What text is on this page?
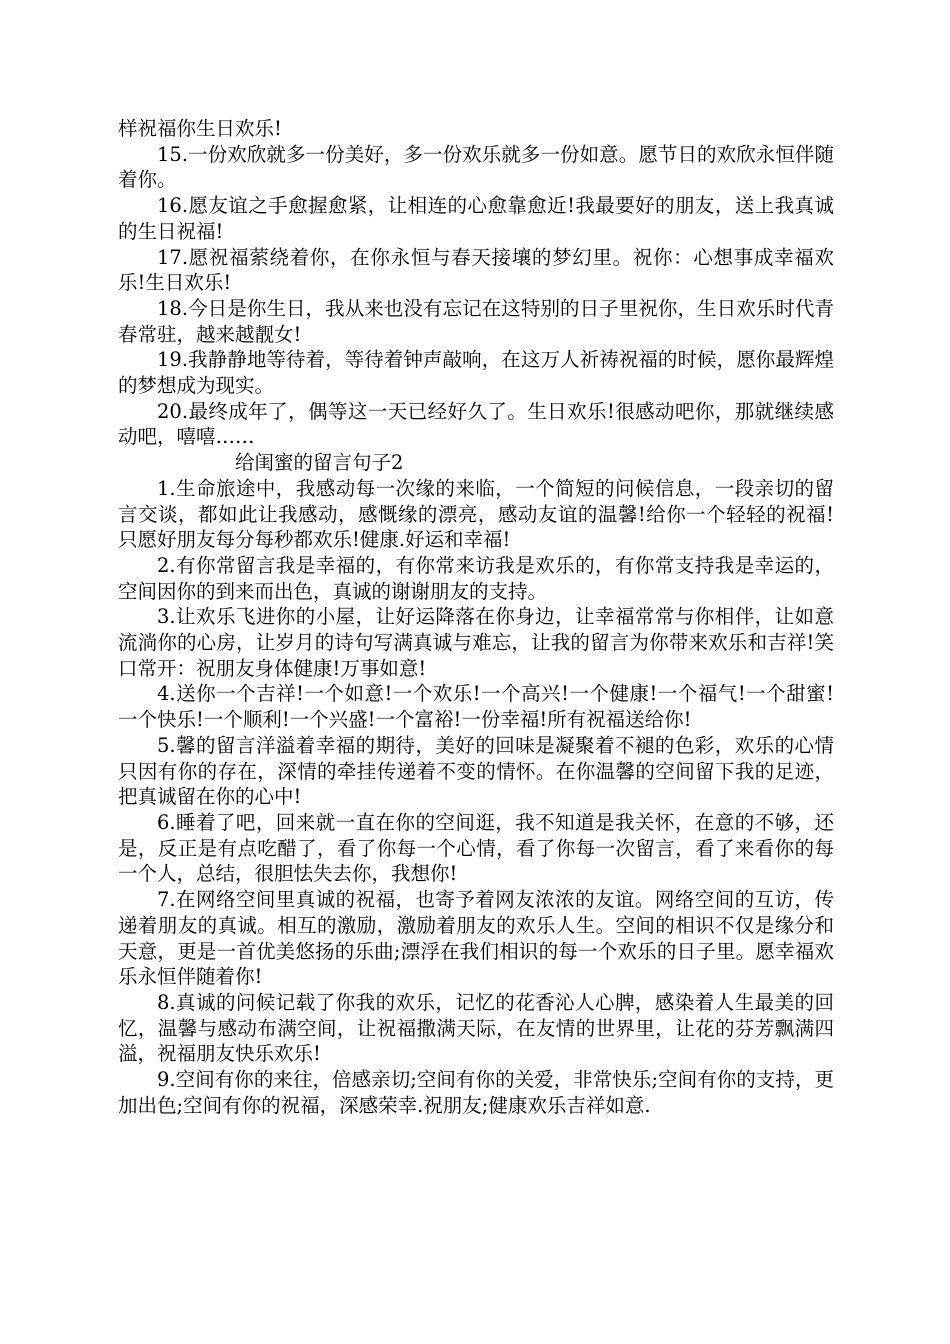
样祝福你生日欢乐!

15.一份欢欣就多一份美好，多一份欢乐就多一份如意。愿节日的欢欣永恒伴随着你。

16.愿友谊之手愈握愈紧，让相连的心愈靠愈近!我最要好的朋友，送上我真诚的生日祝福!

17.愿祝福萦绕着你，在你永恒与春天接壤的梦幻里。祝你：心想事成幸福欢乐!生日欢乐!

18.今日是你生日，我从来也没有忘记在这特别的日子里祝你，生日欢乐时代青春常驻，越来越靓女!

19.我静静地等待着，等待着钟声敲响，在这万人祈祷祝福的时候，愿你最辉煌的梦想成为现实。

20.最终成年了，偶等这一天已经好久了。生日欢乐!很感动吧你，那就继续感动吧，嘻嘻……

给闺蜜的留言句子2

1.生命旅途中，我感动每一次缘的来临，一个简短的问候信息，一段亲切的留言交谈，都如此让我感动，感慨缘的漂亮，感动友谊的温馨!给你一个轻轻的祝福!只愿好朋友每分每秒都欢乐!健康.好运和幸福!

2.有你常留言我是幸福的，有你常来访我是欢乐的，有你常支持我是幸运的，空间因你的到来而出色，真诚的谢谢朋友的支持。

3.让欢乐飞进你的小屋，让好运降落在你身边，让幸福常常与你相伴，让如意流淌你的心房，让岁月的诗句写满真诚与难忘，让我的留言为你带来欢乐和吉祥!笑口常开：祝朋友身体健康!万事如意!

4.送你一个吉祥!一个如意!一个欢乐!一个高兴!一个健康!一个福气!一个甜蜜!一个快乐!一个顺利!一个兴盛!一个富裕!一份幸福!所有祝福送给你!

5.馨的留言洋溢着幸福的期待，美好的回味是凝聚着不褪的色彩，欢乐的心情只因有你的存在，深情的牵挂传递着不变的情怀。在你温馨的空间留下我的足迹，把真诚留在你的心中!

6.睡着了吧，回来就一直在你的空间逛，我不知道是我关怀，在意的不够，还是，反正是有点吃醋了，看了你每一个心情，看了你每一次留言，看了来看你的每一个人，总结，很胆怯失去你，我想你!

7.在网络空间里真诚的祝福，也寄予着网友浓浓的友谊。网络空间的互访，传递着朋友的真诚。相互的激励，激励着朋友的欢乐人生。空间的相识不仅是缘分和天意，更是一首优美悠扬的乐曲;漂浮在我们相识的每一个欢乐的日子里。愿幸福欢乐永恒伴随着你!

8.真诚的问候记载了你我的欢乐，记忆的花香沁人心脾，感染着人生最美的回忆，温馨与感动布满空间，让祝福撒满天际，在友情的世界里，让花的芬芳飘满四溢，祝福朋友快乐欢乐!

9.空间有你的来往，倍感亲切;空间有你的关爱，非常快乐;空间有你的支持，更加出色;空间有你的祝福，深感荣幸.祝朋友;健康欢乐吉祥如意.
